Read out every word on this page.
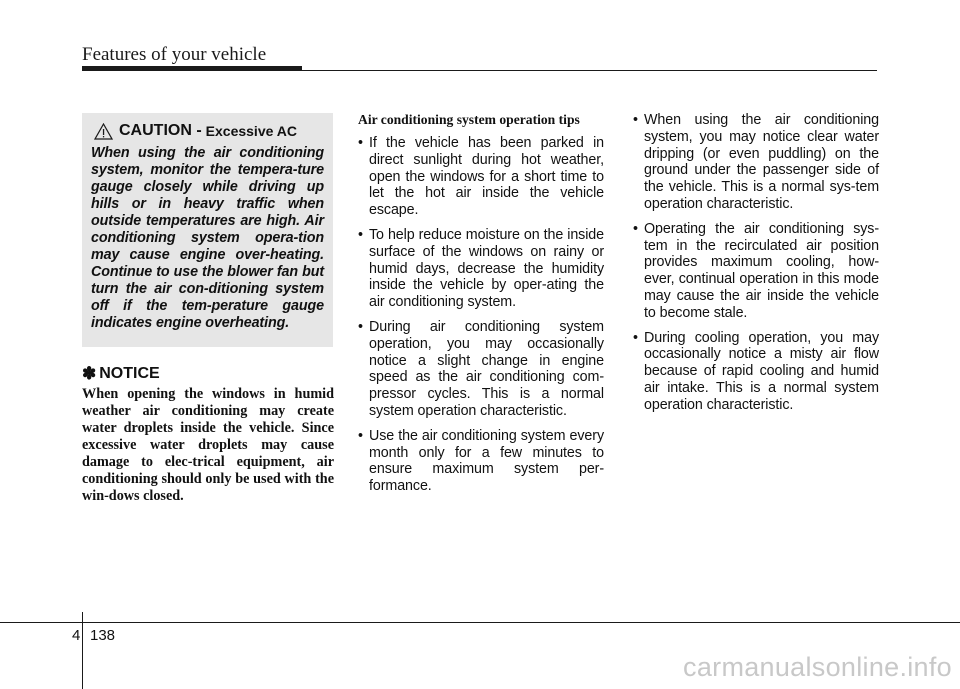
Features of your vehicle
CAUTION - Excessive AC
When using the air conditioning system, monitor the tempera-ture gauge closely while driving up hills or in heavy traffic when outside temperatures are high. Air conditioning system opera-tion may cause engine over-heating. Continue to use the blower fan but turn the air con-ditioning system off if the tem-perature gauge indicates engine overheating.
✽ NOTICE
When opening the windows in humid weather air conditioning may create water droplets inside the vehicle. Since excessive water droplets may cause damage to elec-trical equipment, air conditioning should only be used with the win-dows closed.
Air conditioning system operation tips
• If the vehicle has been parked in direct sunlight during hot weather, open the windows for a short time to let the hot air inside the vehicle escape.
• To help reduce moisture on the inside surface of the windows on rainy or humid days, decrease the humidity inside the vehicle by oper-ating the air conditioning system.
• During air conditioning system operation, you may occasionally notice a slight change in engine speed as the air conditioning com-pressor cycles. This is a normal system operation characteristic.
• Use the air conditioning system every month only for a few minutes to ensure maximum system per-formance.
• When using the air conditioning system, you may notice clear water dripping (or even puddling) on the ground under the passenger side of the vehicle. This is a normal sys-tem operation characteristic.
• Operating the air conditioning sys-tem in the recirculated air position provides maximum cooling, how-ever, continual operation in this mode may cause the air inside the vehicle to become stale.
• During cooling operation, you may occasionally notice a misty air flow because of rapid cooling and humid air intake. This is a normal system operation characteristic.
4 138
carmanualsonline.info
